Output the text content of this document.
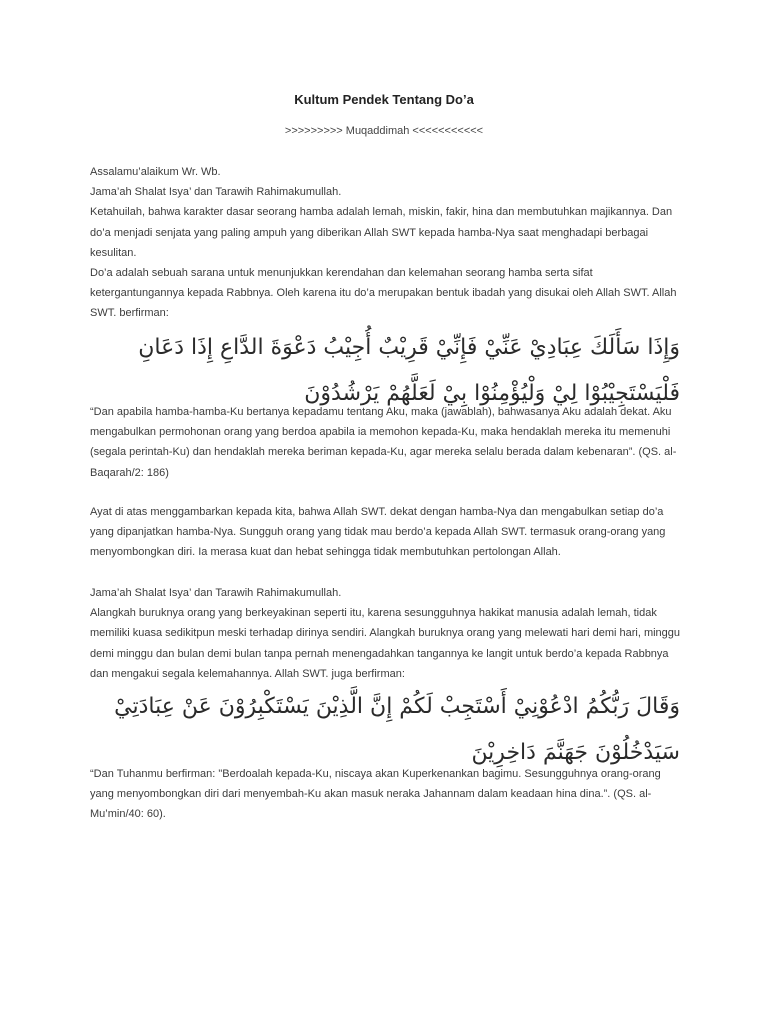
Kultum Pendek Tentang Do’a
>>>>>>>>> Muqaddimah <<<<<<<<<<<

Assalamu’alaikum Wr. Wb.

Jama’ah Shalat Isya’ dan Tarawih Rahimakumullah.

Ketahuilah, bahwa karakter dasar seorang hamba adalah lemah, miskin, fakir, hina dan membutuhkan majikannya. Dan do’a menjadi senjata yang paling ampuh yang diberikan Allah SWT kepada hamba-Nya saat menghadapi berbagai kesulitan.

Do’a adalah sebuah sarana untuk menunjukkan kerendahan dan kelemahan seorang hamba serta sifat ketergantungannya kepada Rabbnya. Oleh karena itu do’a merupakan bentuk ibadah yang disukai oleh Allah SWT. Allah SWT. berfirman:

وَإِذَا سَأَلَكَ عِبَادِيْ عَنِّيْ فَإِنِّيْ قَرِيْبٌ أُجِيْبُ دَعْوَةَ الدَّاعِ إِذَا دَعَانِ فَلْيَسْتَجِيْبُوْا لِيْ وَلْيُؤْمِنُوْا بِيْ لَعَلَّهُمْ يَرْشُدُوْنَ

“Dan apabila hamba-hamba-Ku bertanya kepadamu tentang Aku, maka (jawablah), bahwasanya Aku adalah dekat. Aku mengabulkan permohonan orang yang berdoa apabila ia memohon kepada-Ku, maka hendaklah mereka itu memenuhi (segala perintah-Ku) dan hendaklah mereka beriman kepada-Ku, agar mereka selalu berada dalam kebenaran”. (QS. al-Baqarah/2: 186)

Ayat di atas menggambarkan kepada kita, bahwa Allah SWT. dekat dengan hamba-Nya dan mengabulkan setiap do’a yang dipanjatkan hamba-Nya. Sungguh orang yang tidak mau berdo’a kepada Allah SWT. termasuk orang-orang yang menyombongkan diri. Ia merasa kuat dan hebat sehingga tidak membutuhkan pertolongan Allah.

Jama’ah Shalat Isya’ dan Tarawih Rahimakumullah.

Alangkah buruknya orang yang berkeyakinan seperti itu, karena sesungguhnya hakikat manusia adalah lemah, tidak memiliki kuasa sedikitpun meski terhadap dirinya sendiri. Alangkah buruknya orang yang melewati hari demi hari, minggu demi minggu dan bulan demi bulan tanpa pernah menengadahkan tangannya ke langit untuk berdo’a kepada Rabbnya dan mengakui segala kelemahannya. Allah SWT. juga berfirman:

وَقَالَ رَبُّكُمُ ادْعُوْنِيْ أَسْتَجِبْ لَكُمْ إِنَّ الَّذِيْنَ يَسْتَكْبِرُوْنَ عَنْ عِبَادَتِيْ سَيَدْخُلُوْنَ جَهَنَّمَ دَاخِرِيْنَ

“Dan Tuhanmu berfirman: "Berdoalah kepada-Ku, niscaya akan Kuperkenankan bagimu. Sesungguhnya orang-orang yang menyombongkan diri dari menyembah-Ku akan masuk neraka Jahannam dalam keadaan hina dina.”. (QS. al-Mu’min/40: 60).
